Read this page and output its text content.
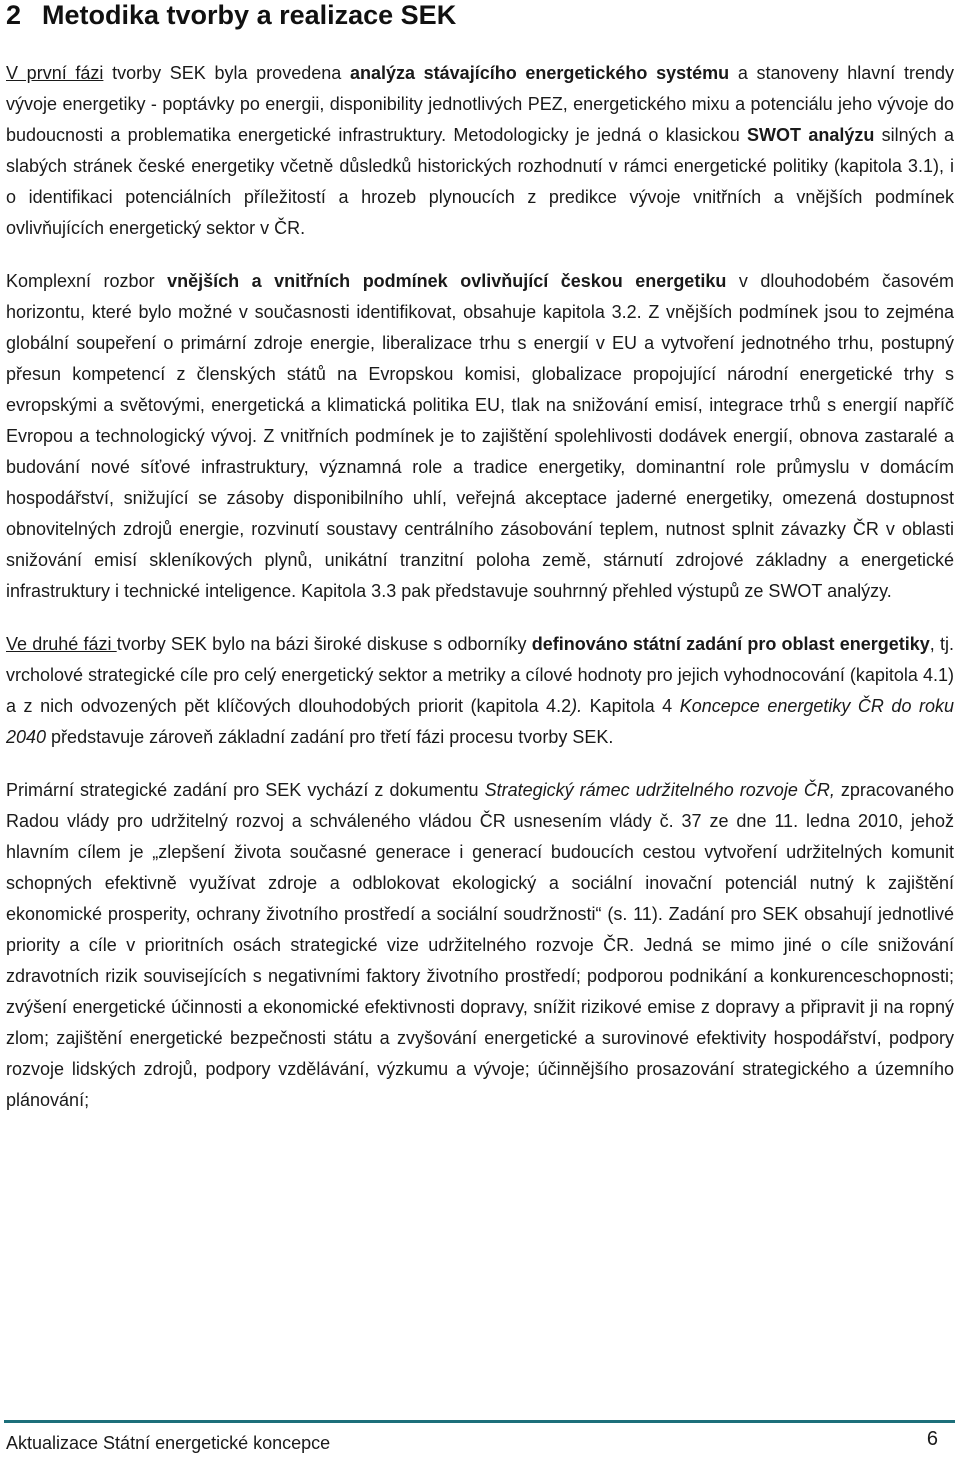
2 Metodika tvorby a realizace SEK

V první fázi tvorby SEK byla provedena analýza stávajícího energetického systému a stanoveny hlavní trendy vývoje energetiky - poptávky po energii, disponibility jednotlivých PEZ, energetického mixu a potenciálu jeho vývoje do budoucnosti a problematika energetické infrastruktury. Metodologicky je jedná o klasickou SWOT analýzu silných a slabých stránek české energetiky včetně důsledků historických rozhodnutí v rámci energetické politiky (kapitola 3.1), i o identifikaci potenciálních příležitostí a hrozeb plynoucích z predikce vývoje vnitřních a vnějších podmínek ovlivňujících energetický sektor v ČR.

Komplexní rozbor vnějších a vnitřních podmínek ovlivňující českou energetiku v dlouhodobém časovém horizontu, které bylo možné v současnosti identifikovat, obsahuje kapitola 3.2. Z vnějších podmínek jsou to zejména globální soupeření o primární zdroje energie, liberalizace trhu s energií v EU a vytvoření jednotného trhu, postupný přesun kompetencí z členských států na Evropskou komisi, globalizace propojující národní energetické trhy s evropskými a světovými, energetická a klimatická politika EU, tlak na snižování emisí, integrace trhů s energií napříč Evropou a technologický vývoj. Z vnitřních podmínek je to zajištění spolehlivosti dodávek energií, obnova zastaralé a budování nové síťové infrastruktury, významná role a tradice energetiky, dominantní role průmyslu v domácím hospodářství, snižující se zásoby disponibilního uhlí, veřejná akceptace jaderné energetiky, omezená dostupnost obnovitelných zdrojů energie, rozvinutí soustavy centrálního zásobování teplem, nutnost splnit závazky ČR v oblasti snižování emisí skleníkových plynů, unikátní tranzitní poloha země, stárnutí zdrojové základny a energetické infrastruktury i technické inteligence. Kapitola 3.3 pak představuje souhrnný přehled výstupů ze SWOT analýzy.

Ve druhé fázi tvorby SEK bylo na bázi široké diskuse s odborníky definováno státní zadání pro oblast energetiky, tj. vrcholové strategické cíle pro celý energetický sektor a metriky a cílové hodnoty pro jejich vyhodnocování (kapitola 4.1) a z nich odvozených pět klíčových dlouhodobých priorit (kapitola 4.2). Kapitola 4 Koncepce energetiky ČR do roku 2040 představuje zároveň základní zadání pro třetí fázi procesu tvorby SEK.

Primární strategické zadání pro SEK vychází z dokumentu Strategický rámec udržitelného rozvoje ČR, zpracovaného Radou vlády pro udržitelný rozvoj a schváleného vládou ČR usnesením vlády č. 37 ze dne 11. ledna 2010, jehož hlavním cílem je „zlepšení života současné generace i generací budoucích cestou vytvoření udržitelných komunit schopných efektivně využívat zdroje a odblokovat ekologický a sociální inovační potenciál nutný k zajištění ekonomické prosperity, ochrany životního prostředí a sociální soudržnosti“ (s. 11). Zadání pro SEK obsahují jednotlivé priority a cíle v prioritních osách strategické vize udržitelného rozvoje ČR. Jedná se mimo jiné o cíle snižování zdravotních rizik souvisejících s negativními faktory životního prostředí; podporou podnikání a konkurenceschopnosti; zvýšení energetické účinnosti a ekonomické efektivnosti dopravy, snížit rizikové emise z dopravy a připravit ji na ropný zlom; zajištění energetické bezpečnosti státu a zvyšování energetické a surovinové efektivity hospodářství, podpory rozvoje lidských zdrojů, podpory vzdělávání, výzkumu a vývoje; účinnějšího prosazování strategického a územního plánování;

Aktualizace Státní energetické koncepce	6
